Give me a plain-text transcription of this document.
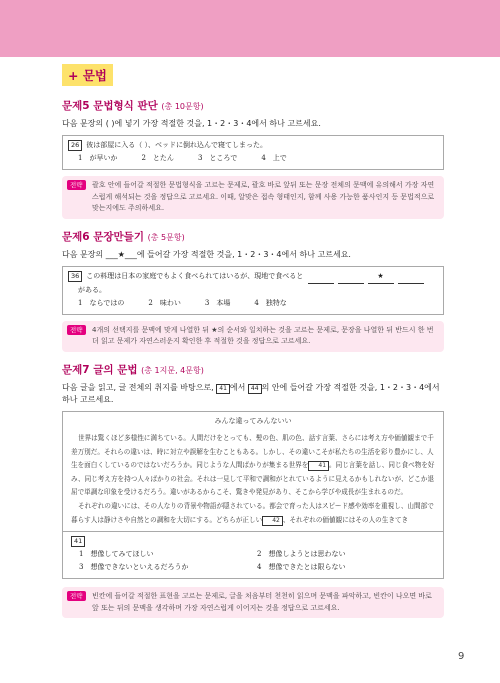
+ 문법
문제5 문법형식 판단 (총 10문항)
다음 문장의 ( )에 넣기 가장 적절한 것을, 1・2・3・4에서 하나 고르세요.
26 彼は部屋に入る（ ）、ベッドに倒れ込んで寝てしまった。
1　が早いか	2　とたん	3　ところで	4　上で
전략	괄호 안에 들어갈 적절한 문법형식을 고르는 문제로, 괄호 바로 앞뒤 또는 문장 전체의 문맥에 유의해서 가장 자연스럽게 해석되는 것을 정답으로 고르세요. 이때, 알맞은 접속 형태인지, 함께 사용 가능한 품사인지 등 문법적으로 맞는지에도 주의하세요.
문제6 문장만들기 (총 5문항)
다음 문장의 ___★___에 들어갈 가장 적절한 것을, 1・2・3・4에서 하나 고르세요.
36 この料理は日本の家庭でもよく食べられてはいるが、現地で食べると	★
がある。
1　ならではの	2　味わい	3　本場	4　独特な
전략	4개의 선택지를 문맥에 맞게 나열한 뒤 ★의 순서와 일치하는 것을 고르는 문제로, 문장을 나열한 뒤 반드시 한 번 더 읽고 문제가 자연스러운지 확인한 후 적절한 것을 정답으로 고르세요.
문제7 글의 문법 (총 1지문, 4문항)
다음 글을 읽고, 글 전체의 취지를 바탕으로, 41 에서 44 의 안에 들어갈 가장 적절한 것을, 1・2・3・4에서 하나 고르세요.
みんな違ってみんないい

世界は驚くほど多様性に満ちている。人間だけをとっても、髪の色、肌の色、話す言葉、さらには考え方や価値観まで千差万別だ。それらの違いは、時に対立や誤解を生むこともある。しかし、その違いこそが私たちの生活を彩り豊かにし、人生を面白くしているのではないだろうか。同じような人間ばかりが集まる世界を 41 。同じ言葉を話し、同じ食べ物を好み、同じ考え方を持つ人々ばかりの社会。それは一見して平和で調和がとれているように見えるかもしれないが、どこか退屈で単調な印象を受けるだろう。違いがあるからこそ、驚きや発見があり、そこから学びや成長が生まれるのだ。

それぞれの違いには、その人なりの背景や物語が隠されている。都会で育った人はスピード感や効率を重視し、山間部で暮らす人は静けさや自然との調和を大切にする。どちらが正しい 42 、それぞれの価値観にはその人の生きてき

41
1　想像してみてほしい	2　想像しようとは思わない
3　想像できないといえるだろうか	4　想像できたとは限らない
전략	빈칸에 들어갈 적절한 표현을 고르는 문제로, 글을 처음부터 천천히 읽으며 문맥을 파악하고, 빈칸이 나오면 바로 앞 또는 뒤의 문맥을 생각하며 가장 자연스럽게 이어지는 것을 정답으로 고르세요.
9
